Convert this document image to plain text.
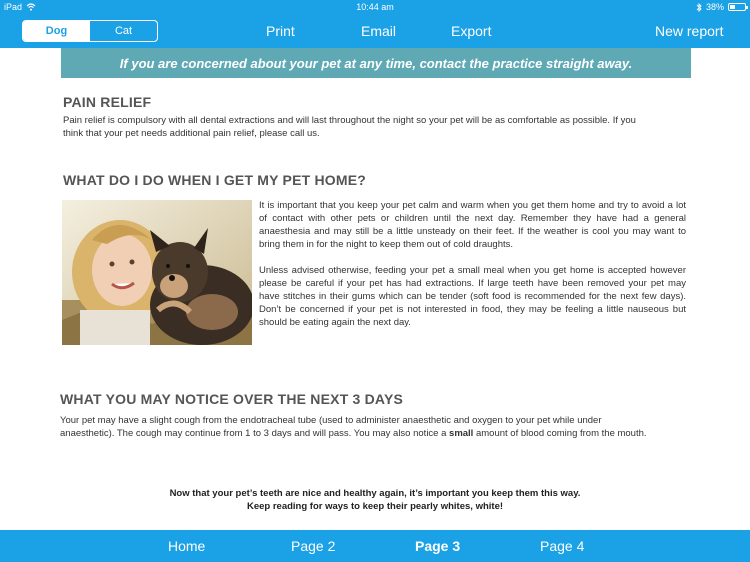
iPad	10:44 am	38%
Dog	Cat	Print	Email	Export	New report
If you are concerned about your pet at any time, contact the practice straight away.
PAIN RELIEF
Pain relief is compulsory with all dental extractions and will last throughout the night so your pet will be as comfortable as possible. If you
think that your pet needs additional pain relief, please call us.
WHAT DO I DO WHEN I GET MY PET HOME?
It is important that you keep your pet calm and warm when you get them home and try to avoid a lot of contact with other pets or children until the next day. Remember they have had a general anaesthesia and may still be a little unsteady on their feet. If the weather is cool you may want to bring them in for the night to keep them out of cold draughts.
Unless advised otherwise, feeding your pet a small meal when you get home is accepted however please be careful if your pet has had extractions. If large teeth have been removed your pet may have stitches in their gums which can be tender (soft food is recommended for the next few days). Don’t be concerned if your pet is not interested in food, they may be feeling a little nauseous but should be eating again the next day.
WHAT YOU MAY NOTICE OVER THE NEXT 3 DAYS
Your pet may have a slight cough from the endotracheal tube (used to administer anaesthetic and oxygen to your pet while under
anaesthetic). The cough may continue from 1 to 3 days and will pass. You may also notice a small amount of blood coming from the mouth.
Now that your pet’s teeth are nice and healthy again, it’s important you keep them this way.
Keep reading for ways to keep their pearly whites, white!
Home	Page 2	Page 3	Page 4
